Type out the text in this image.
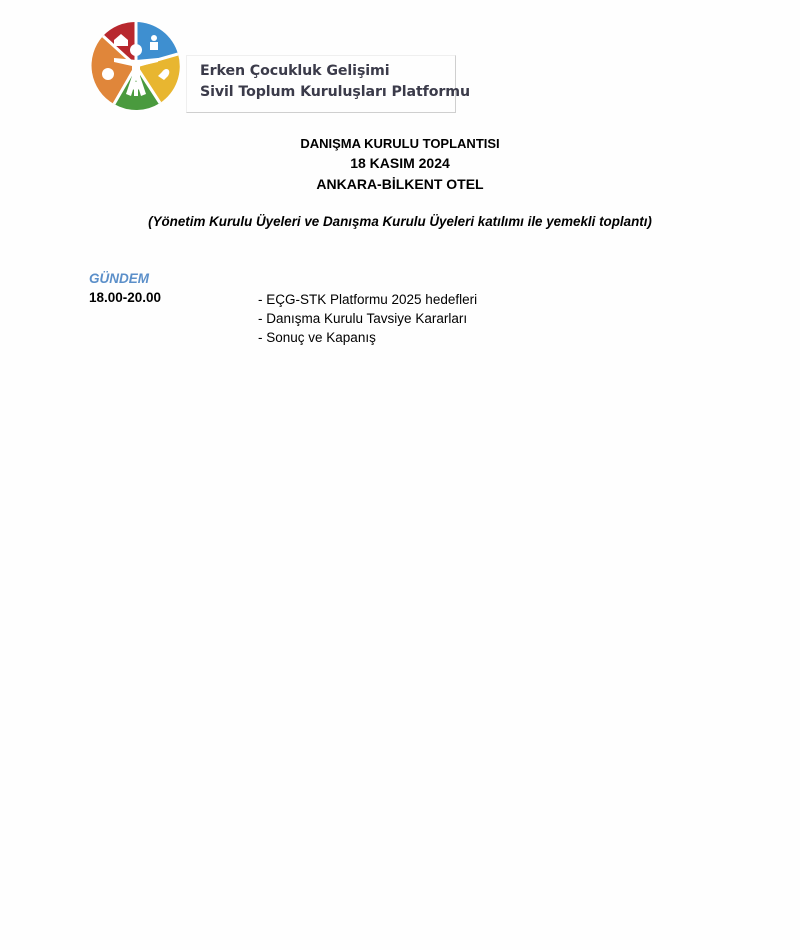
Erken Çocukluk Gelişimi
Sivil Toplum Kuruluşları Platformu
DANIŞMA KURULU TOPLANTISI
18 KASIM 2024
ANKARA-BİLKENT OTEL
(Yönetim Kurulu Üyeleri ve Danışma Kurulu Üyeleri katılımı ile yemekli toplantı)
GÜNDEM
18.00-20.00	- EÇG-STK Platformu 2025 hedefleri
- Danışma Kurulu Tavsiye Kararları
- Sonuç ve Kapanış
